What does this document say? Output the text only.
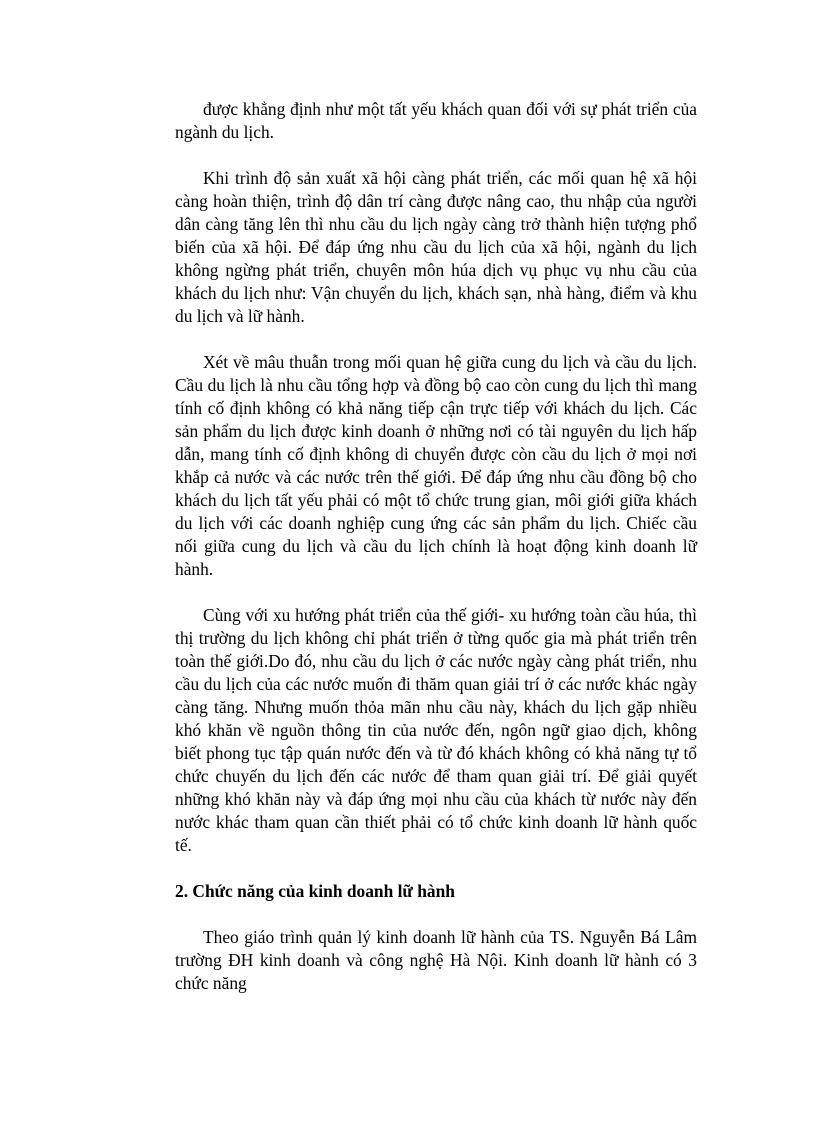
được khẳng định như một tất yếu khách quan đối với sự phát triển của ngành du lịch.

Khi trình độ sản xuất xã hội càng phát triển, các mối quan hệ xã hội càng hoàn thiện, trình độ dân trí càng được nâng cao, thu nhập của người dân càng tăng lên thì nhu cầu du lịch ngày càng trở thành hiện tượng phổ biến của xã hội. Để đáp ứng nhu cầu du lịch của xã hội, ngành du lịch không ngừng phát triển, chuyên môn húa dịch vụ phục vụ nhu cầu của khách du lịch như: Vận chuyển du lịch, khách sạn, nhà hàng, điểm và khu du lịch và lữ hành.

Xét về mâu thuẫn trong mối quan hệ giữa cung du lịch và cầu du lịch. Cầu du lịch là nhu cầu tổng hợp và đồng bộ cao còn cung du lịch thì mang tính cố định không có khả năng tiếp cận trực tiếp với khách du lịch. Các sản phẩm du lịch được kinh doanh ở những nơi có tài nguyên du lịch hấp dẫn, mang tính cố định không di chuyển được còn cầu du lịch ở mọi nơi khắp cả nước và các nước trên thế giới. Để đáp ứng nhu cầu đồng bộ cho khách du lịch tất yếu phải có một tổ chức trung gian, môi giới giữa khách du lịch với các doanh nghiệp cung ứng các sản phẩm du lịch. Chiếc cầu nối giữa cung du lịch và cầu du lịch chính là hoạt động kinh doanh lữ hành.

Cùng với xu hướng phát triển của thế giới- xu hướng toàn cầu húa, thì thị trường du lịch không chỉ phát triển ở từng quốc gia mà phát triển trên toàn thế giới.Do đó, nhu cầu du lịch ở các nước ngày càng phát triển, nhu cầu du lịch của các nước muốn đi thăm quan giải trí ở các nước khác ngày càng tăng. Nhưng muốn thỏa mãn nhu cầu này, khách du lịch gặp nhiều khó khăn về nguồn thông tin của nước đến, ngôn ngữ giao dịch, không biết phong tục tập quán nước đến và từ đó khách không có khả năng tự tổ chức chuyến du lịch đến các nước để tham quan giải trí. Để giải quyết những khó khăn này và đáp ứng mọi nhu cầu của khách từ nước này đến nước khác tham quan cần thiết phải có tổ chức kinh doanh lữ hành quốc tế.

2. Chức năng của kinh doanh lữ hành

Theo giáo trình quản lý kinh doanh lữ hành của TS. Nguyễn Bá Lâm trường ĐH kinh doanh và công nghệ Hà Nội. Kinh doanh lữ hành có 3 chức năng
